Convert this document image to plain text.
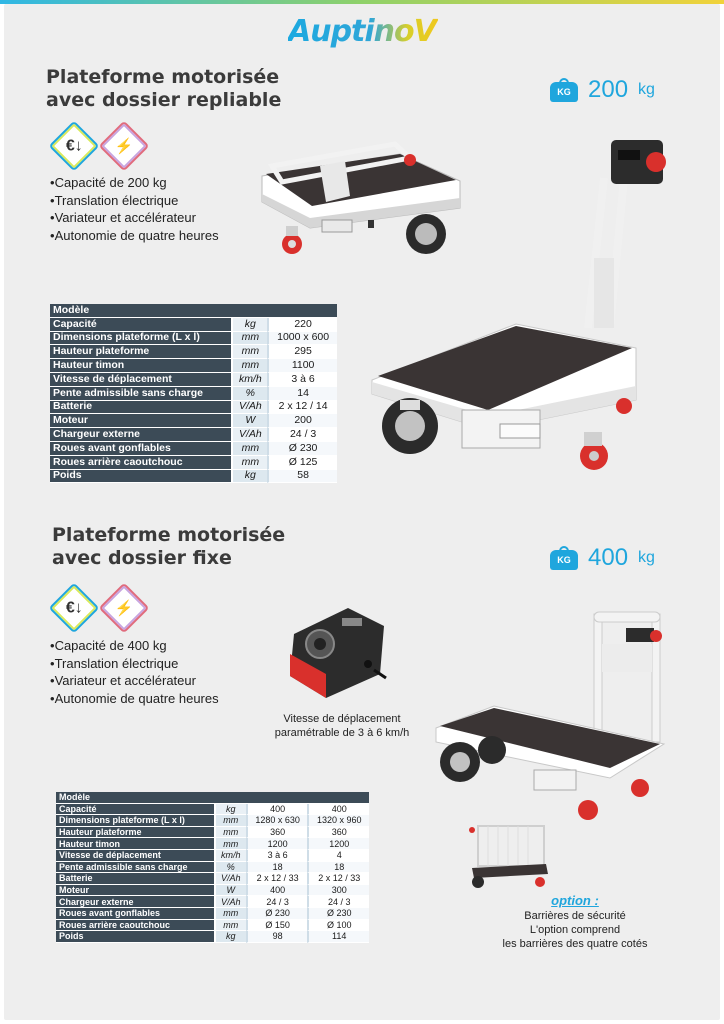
AuptinoV
Plateforme motorisée
avec dossier repliable	KG 200 kg
€↓ ⚡
• Capacité de 200 kg
• Translation électrique
• Variateur et accélérateur
• Autonomie de quatre heures
Modèle		
Capacité	kg	220
Dimensions plateforme (L x l)	mm	1000 x 600
Hauteur plateforme	mm	295
Hauteur timon	mm	1100
Vitesse de déplacement	km/h	3 à 6
Pente admissible sans charge	%	14
Batterie	V/Ah	2 x 12 / 14
Moteur	W	200
Chargeur externe	V/Ah	24 / 3
Roues avant gonflables	mm	Ø 230
Roues arrière caoutchouc	mm	Ø 125
Poids	kg	58
Plateforme motorisée
avec dossier fixe	KG 400 kg
€↓ ⚡
• Capacité de 400 kg
• Translation électrique
• Variateur et accélérateur
• Autonomie de quatre heures
Vitesse de déplacement
paramétrable de 3 à 6 km/h
option :
Barrières de sécurité
L'option comprend
les barrières des quatre cotés
Modèle			
Capacité	kg	400	400
Dimensions plateforme (L x l)	mm	1280 x 630	1320 x 960
Hauteur plateforme	mm	360	360
Hauteur timon	mm	1200	1200
Vitesse de déplacement	km/h	3 à 6	4
Pente admissible sans charge	%	18	18
Batterie	V/Ah	2 x 12 / 33	2 x 12 / 33
Moteur	W	400	300
Chargeur externe	V/Ah	24 / 3	24 / 3
Roues avant gonflables	mm	Ø 230	Ø 230
Roues arrière caoutchouc	mm	Ø 150	Ø 100
Poids	kg	98	114
